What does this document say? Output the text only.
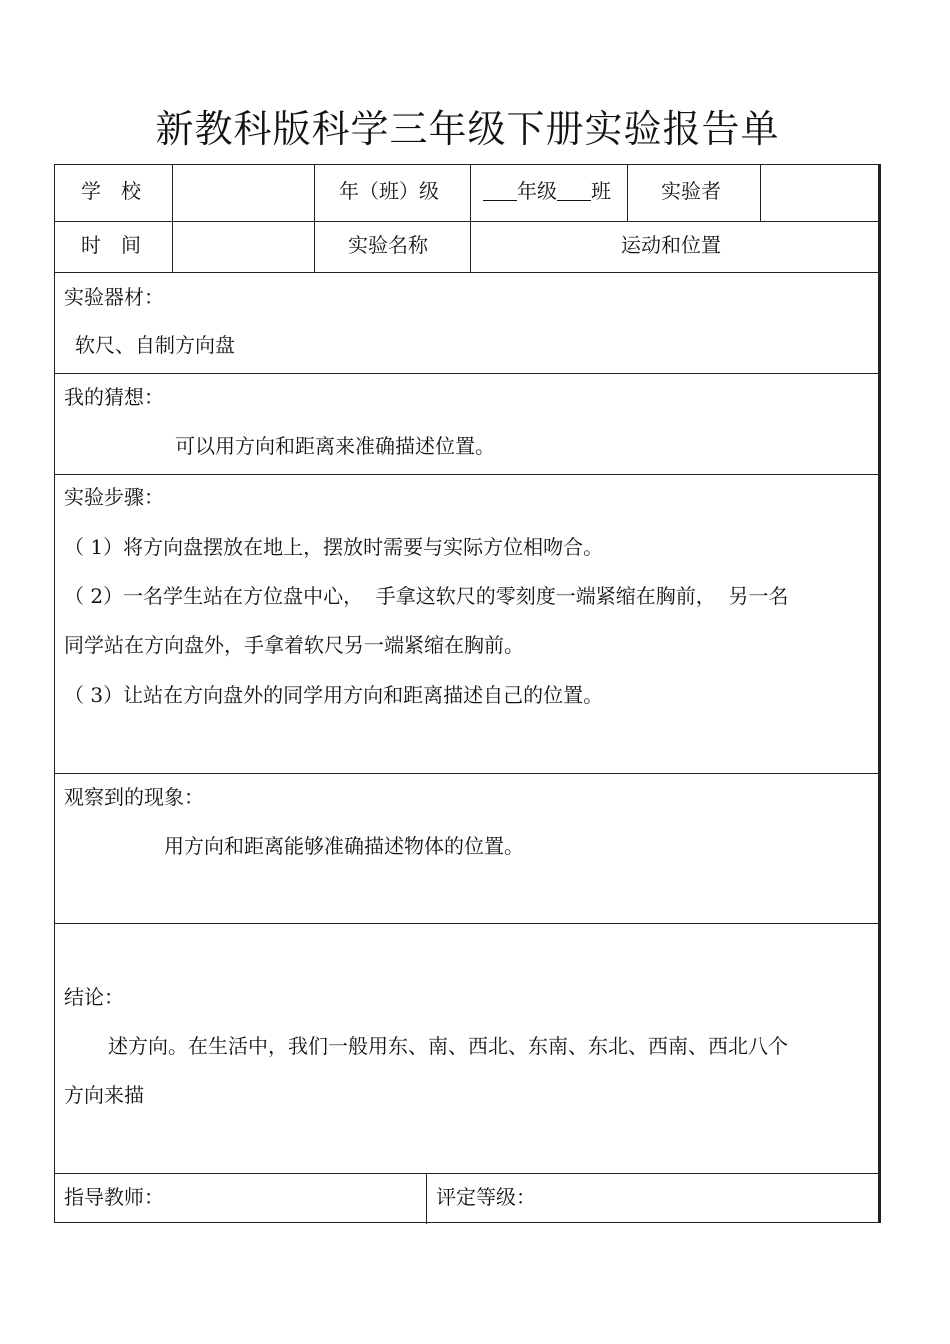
新教科版科学三年级下册实验报告单
学　校	年（班）级	年级 班	实验者
时　间	实验名称	运动和位置
实验器材：
软尺、自制方向盘
我的猜想：
可以用方向和距离来准确描述位置。
实验步骤：
（ 1）将方向盘摆放在地上，摆放时需要与实际方位相吻合。
（ 2）一名学生站在方位盘中心，  手拿这软尺的零刻度一端紧缩在胸前，  另一名
同学站在方向盘外，手拿着软尺另一端紧缩在胸前。
（ 3）让站在方向盘外的同学用方向和距离描述自己的位置。
观察到的现象：
用方向和距离能够准确描述物体的位置。
结论：
述方向。在生活中，我们一般用东、南、西北、东南、东北、西南、西北八个
方向来描
指导教师：	评定等级：
